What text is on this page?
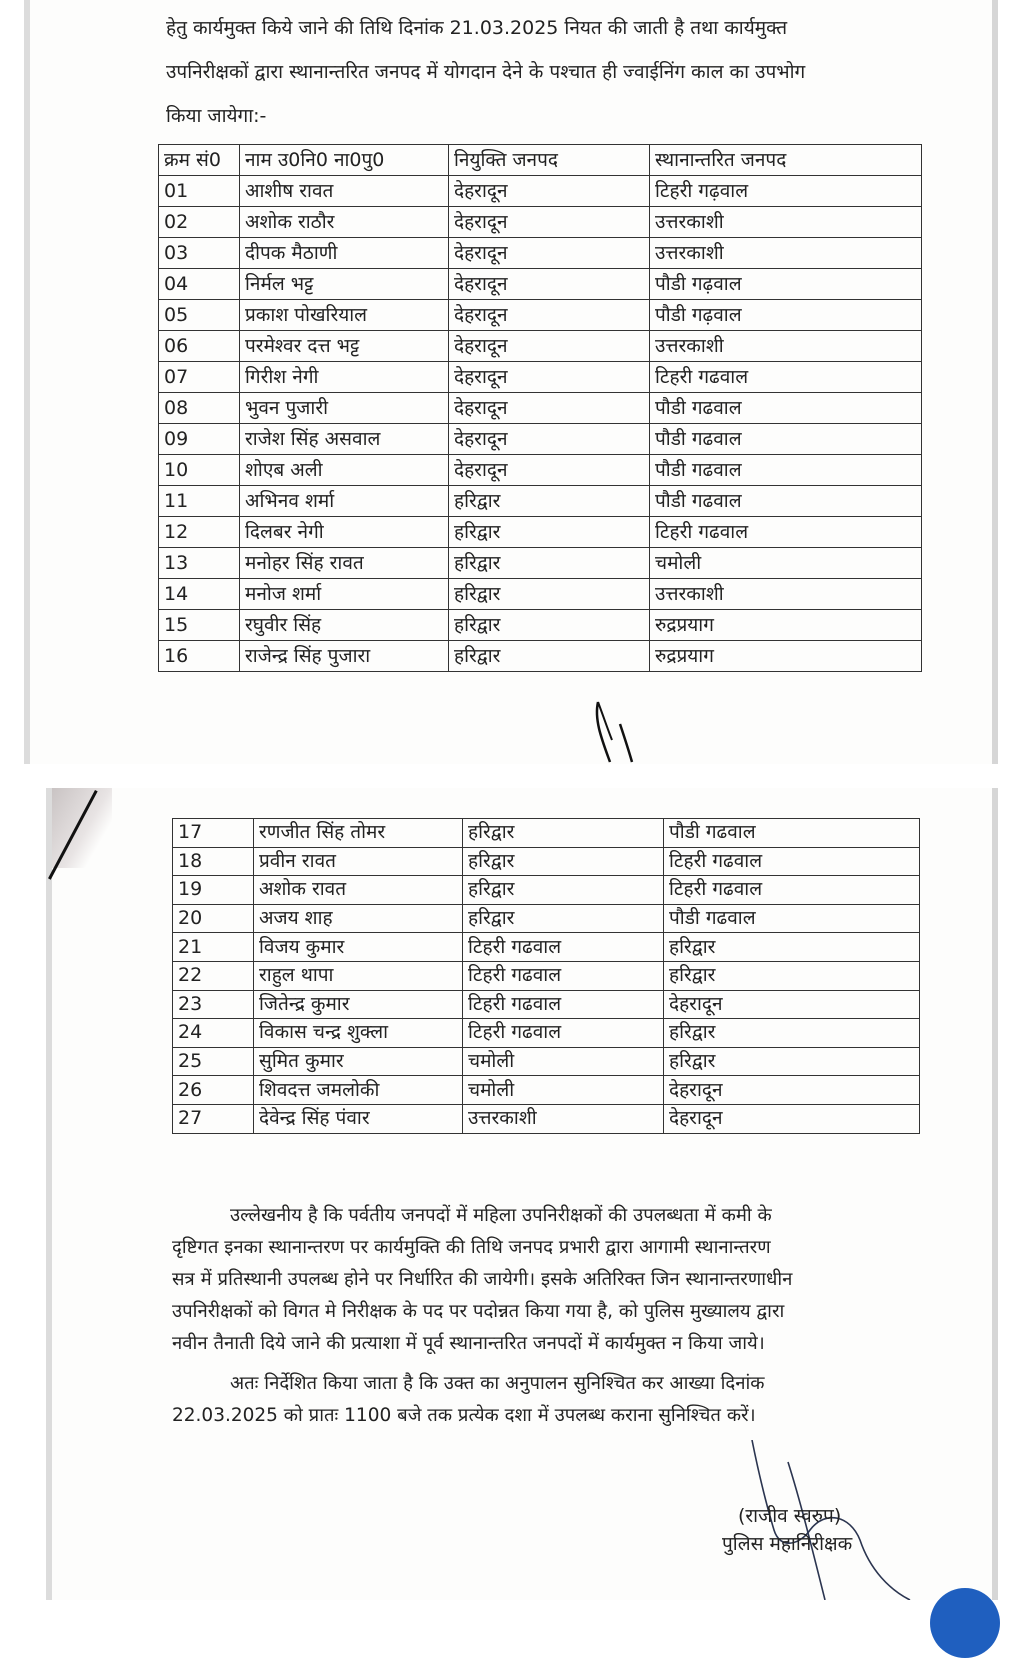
हेतु कार्यमुक्त किये जाने की तिथि दिनांक 21.03.2025 नियत की जाती है तथा कार्यमुक्त
उपनिरीक्षकों द्वारा स्थानान्तरित जनपद में योगदान देने के पश्चात ही ज्वाईनिंग काल का उपभोग
किया जायेगा:-
क्रम सं0	नाम उ0नि0 ना0पु0	नियुक्ति जनपद	स्थानान्तरित जनपद
01	आशीष रावत	देहरादून	टिहरी गढ़वाल
02	अशोक राठौर	देहरादून	उत्तरकाशी
03	दीपक मैठाणी	देहरादून	उत्तरकाशी
04	निर्मल भट्ट	देहरादून	पौडी गढ़वाल
05	प्रकाश पोखरियाल	देहरादून	पौडी गढ़वाल
06	परमेश्वर दत्त भट्ट	देहरादून	उत्तरकाशी
07	गिरीश नेगी	देहरादून	टिहरी गढवाल
08	भुवन पुजारी	देहरादून	पौडी गढवाल
09	राजेश सिंह असवाल	देहरादून	पौडी गढवाल
10	शोएब अली	देहरादून	पौडी गढवाल
11	अभिनव शर्मा	हरिद्वार	पौडी गढवाल
12	दिलबर नेगी	हरिद्वार	टिहरी गढवाल
13	मनोहर सिंह रावत	हरिद्वार	चमोली
14	मनोज शर्मा	हरिद्वार	उत्तरकाशी
15	रघुवीर सिंह	हरिद्वार	रुद्रप्रयाग
16	राजेन्द्र सिंह पुजारा	हरिद्वार	रुद्रप्रयाग
17	रणजीत सिंह तोमर	हरिद्वार	पौडी गढवाल
18	प्रवीन रावत	हरिद्वार	टिहरी गढवाल
19	अशोक रावत	हरिद्वार	टिहरी गढवाल
20	अजय शाह	हरिद्वार	पौडी गढवाल
21	विजय कुमार	टिहरी गढवाल	हरिद्वार
22	राहुल थापा	टिहरी गढवाल	हरिद्वार
23	जितेन्द्र कुमार	टिहरी गढवाल	देहरादून
24	विकास चन्द्र शुक्ला	टिहरी गढवाल	हरिद्वार
25	सुमित कुमार	चमोली	हरिद्वार
26	शिवदत्त जमलोकी	चमोली	देहरादून
27	देवेन्द्र सिंह पंवार	उत्तरकाशी	देहरादून
उल्लेखनीय है कि पर्वतीय जनपदों में महिला उपनिरीक्षकों की उपलब्धता में कमी के
दृष्टिगत इनका स्थानान्तरण पर कार्यमुक्ति की तिथि जनपद प्रभारी द्वारा आगामी स्थानान्तरण
सत्र में प्रतिस्थानी उपलब्ध होने पर निर्धारित की जायेगी। इसके अतिरिक्त जिन स्थानान्तरणाधीन
उपनिरीक्षकों को विगत मे निरीक्षक के पद पर पदोन्नत किया गया है, को पुलिस मुख्यालय द्वारा
नवीन तैनाती दिये जाने की प्रत्याशा में पूर्व स्थानान्तरित जनपदों में कार्यमुक्त न किया जाये।
अतः निर्देशित किया जाता है कि उक्त का अनुपालन सुनिश्चित कर आख्या दिनांक
22.03.2025 को प्रातः 1100 बजे तक प्रत्येक दशा में उपलब्ध कराना सुनिश्चित करें।
(राजीव स्वरुप)
पुलिस महानिरीक्षक
